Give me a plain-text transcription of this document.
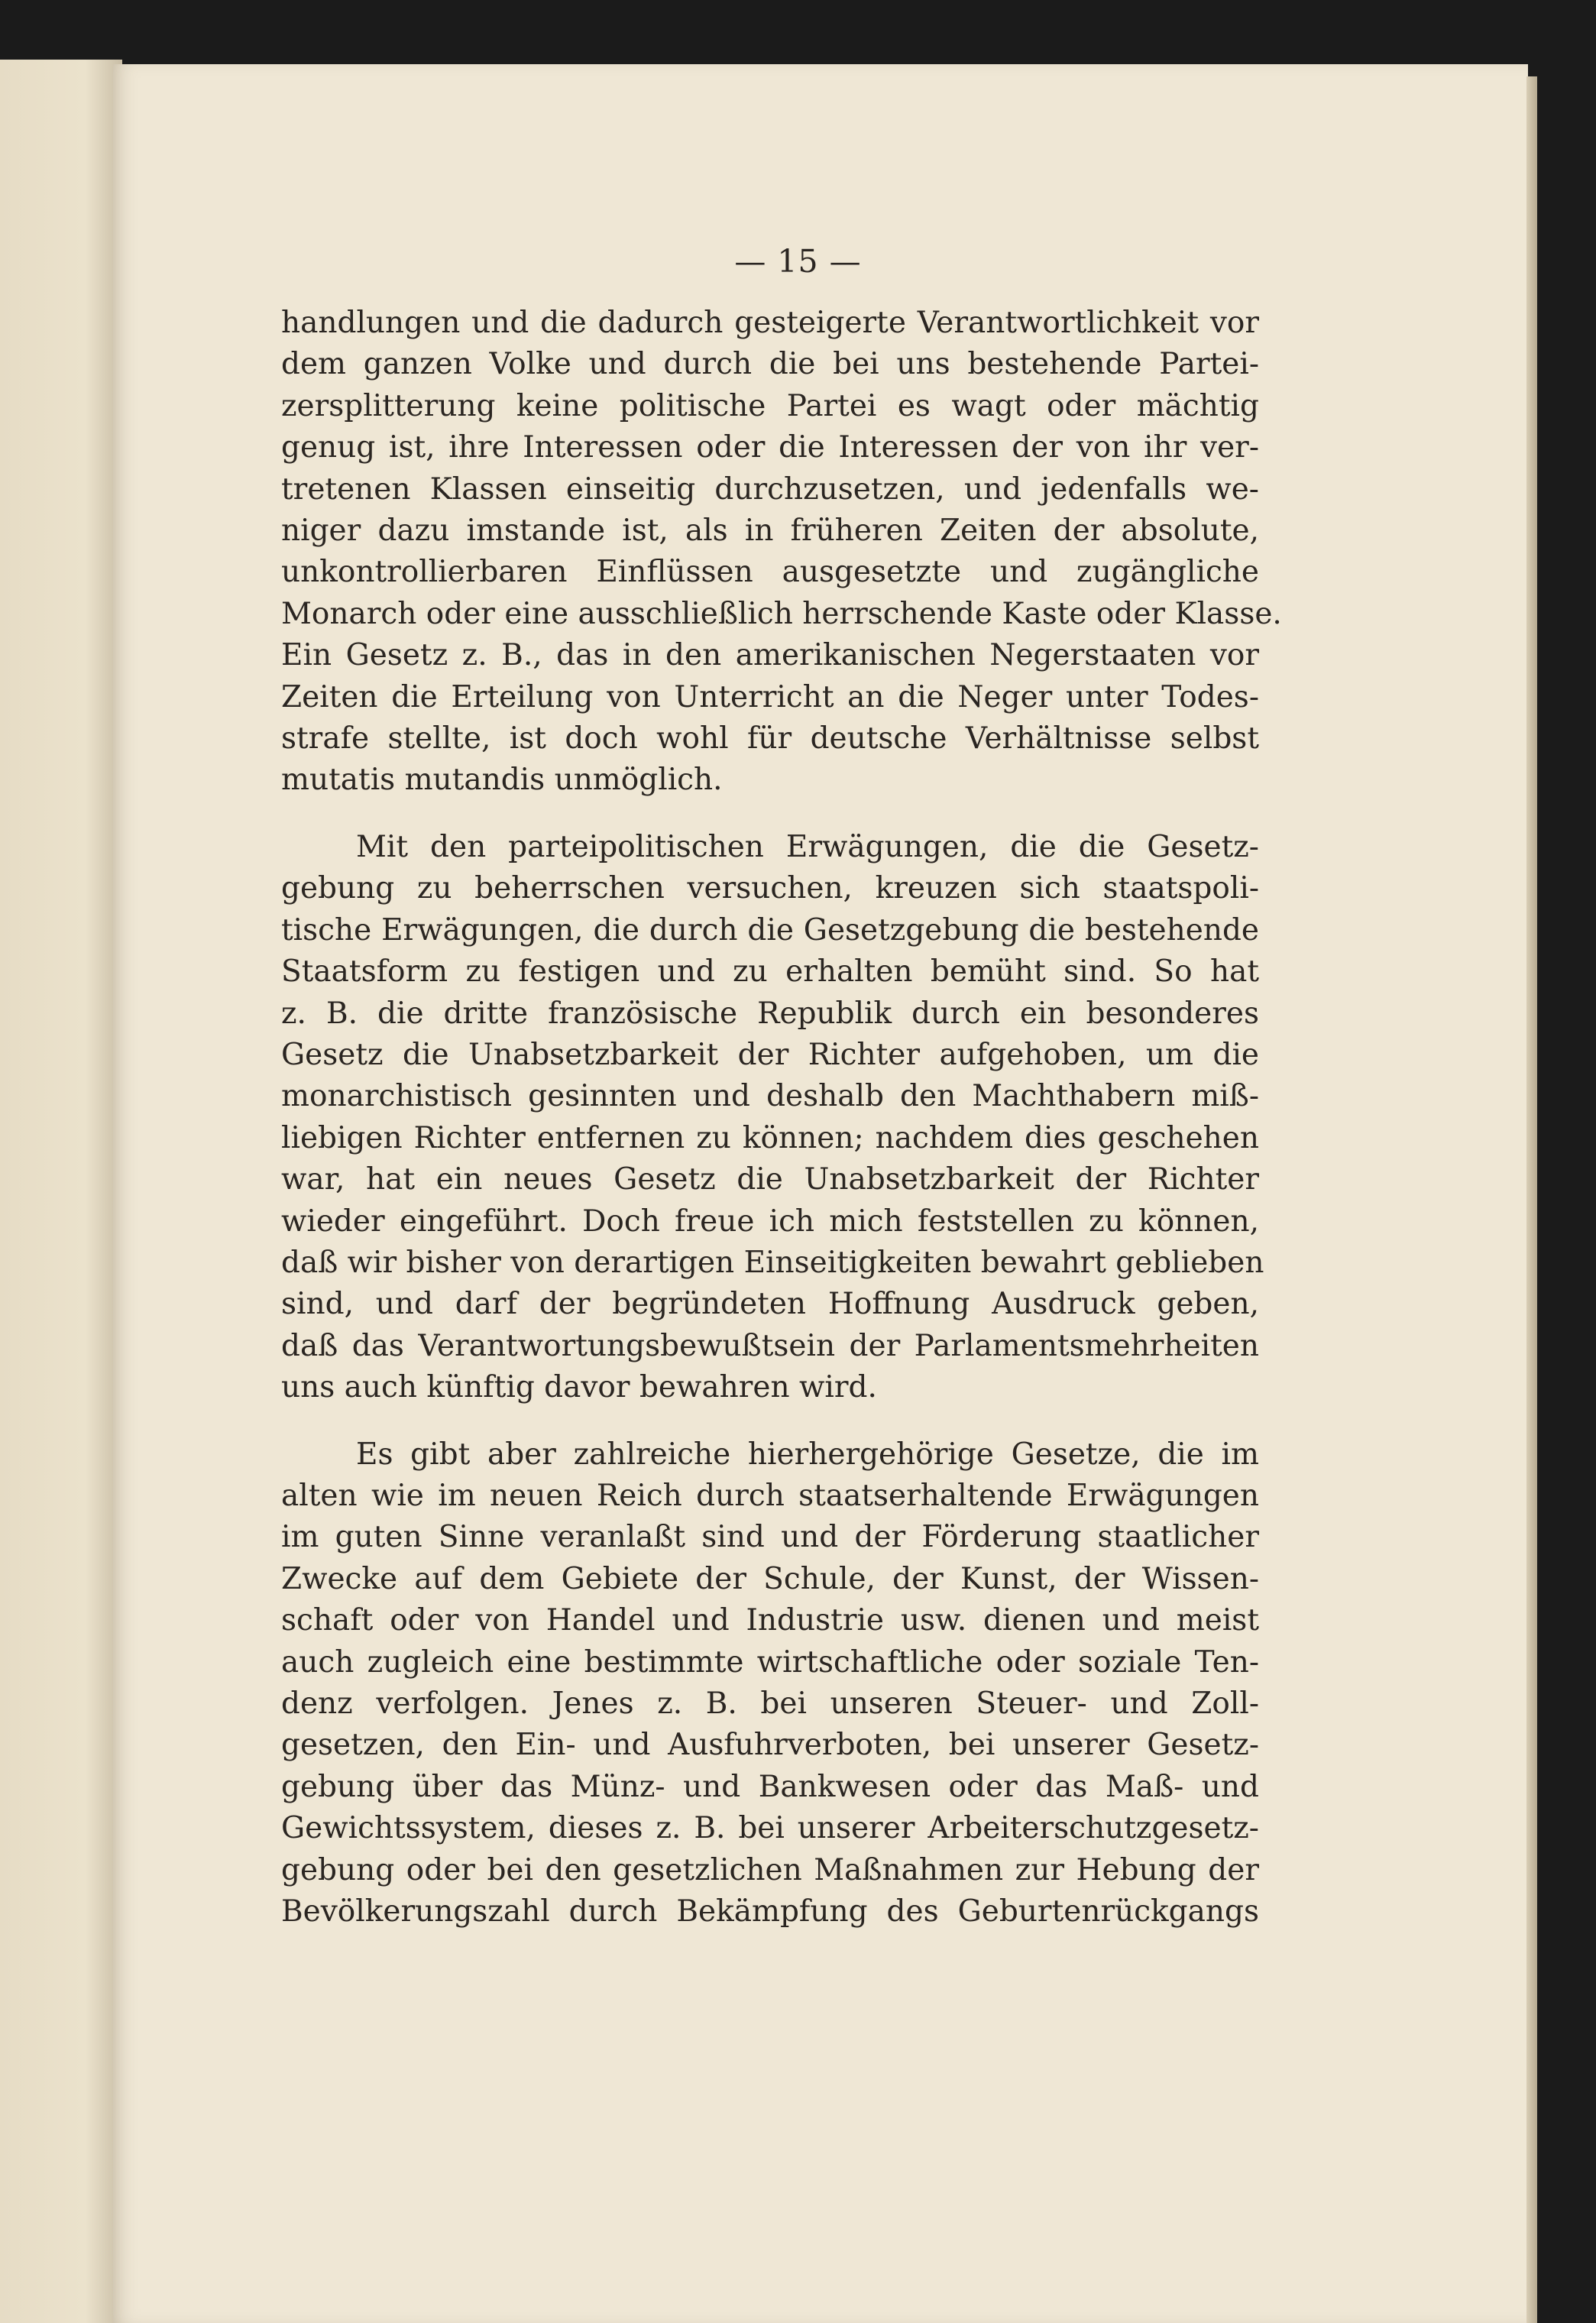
— 15 —

handlungen und die dadurch gesteigerte Verantwortlichkeit vor
dem ganzen Volke und durch die bei uns bestehende Partei-
zersplitterung keine politische Partei es wagt oder mächtig
genug ist, ihre Interessen oder die Interessen der von ihr ver-
tretenen Klassen einseitig durchzusetzen, und jedenfalls we-
niger dazu imstande ist, als in früheren Zeiten der absolute,
unkontrollierbaren Einflüssen ausgesetzte und zugängliche
Monarch oder eine ausschließlich herrschende Kaste oder Klasse.
Ein Gesetz z. B., das in den amerikanischen Negerstaaten vor
Zeiten die Erteilung von Unterricht an die Neger unter Todes-
strafe stellte, ist doch wohl für deutsche Verhältnisse selbst
mutatis mutandis unmöglich.

Mit den parteipolitischen Erwägungen, die die Gesetz-
gebung zu beherrschen versuchen, kreuzen sich staatspoli-
tische Erwägungen, die durch die Gesetzgebung die bestehende
Staatsform zu festigen und zu erhalten bemüht sind. So hat
z. B. die dritte französische Republik durch ein besonderes
Gesetz die Unabsetzbarkeit der Richter aufgehoben, um die
monarchistisch gesinnten und deshalb den Machthabern miß-
liebigen Richter entfernen zu können; nachdem dies geschehen
war, hat ein neues Gesetz die Unabsetzbarkeit der Richter
wieder eingeführt. Doch freue ich mich feststellen zu können,
daß wir bisher von derartigen Einseitigkeiten bewahrt geblieben
sind, und darf der begründeten Hoffnung Ausdruck geben,
daß das Verantwortungsbewußtsein der Parlamentsmehrheiten
uns auch künftig davor bewahren wird.

Es gibt aber zahlreiche hierhergehörige Gesetze, die im
alten wie im neuen Reich durch staatserhaltende Erwägungen
im guten Sinne veranlaßt sind und der Förderung staatlicher
Zwecke auf dem Gebiete der Schule, der Kunst, der Wissen-
schaft oder von Handel und Industrie usw. dienen und meist
auch zugleich eine bestimmte wirtschaftliche oder soziale Ten-
denz verfolgen. Jenes z. B. bei unseren Steuer- und Zoll-
gesetzen, den Ein- und Ausfuhrverboten, bei unserer Gesetz-
gebung über das Münz- und Bankwesen oder das Maß- und
Gewichtssystem, dieses z. B. bei unserer Arbeiterschutzgesetz-
gebung oder bei den gesetzlichen Maßnahmen zur Hebung der
Bevölkerungszahl durch Bekämpfung des Geburtenrückgangs
